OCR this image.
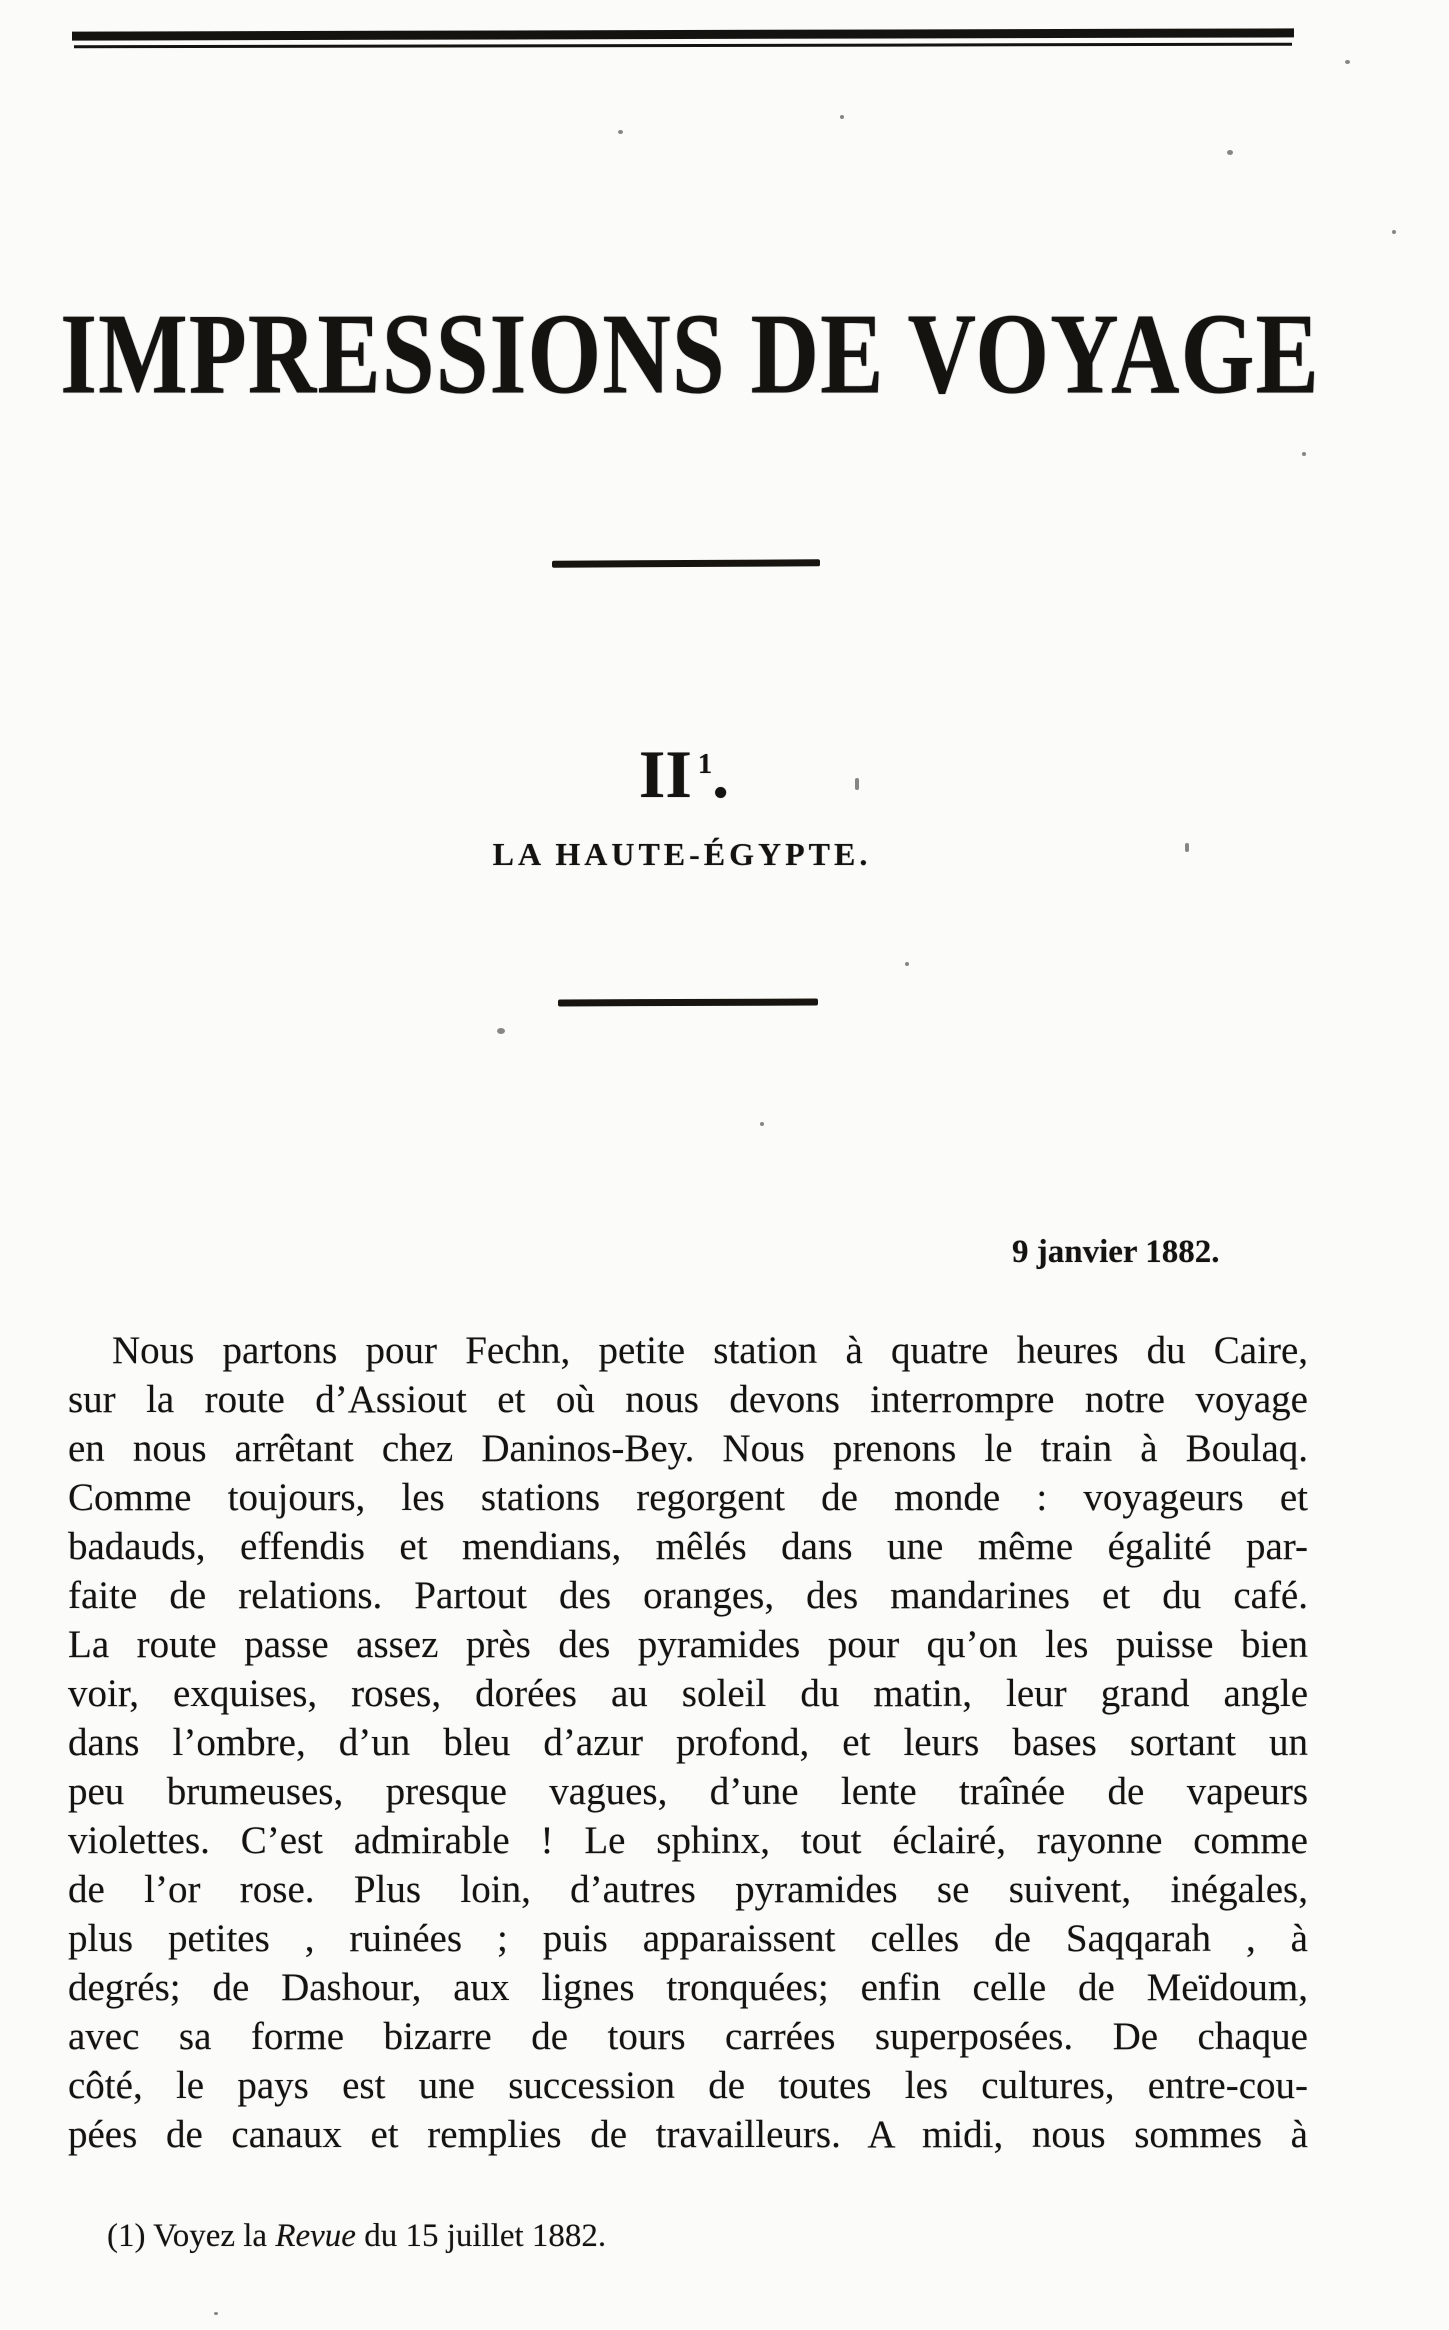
IMPRESSIONS DE VOYAGE
II $^1$.
LA HAUTE-ÉGYPTE.
9 janvier 1882.
Nous partons pour Fechn, petite station à quatre heures du Caire,
sur la route d’Assiout et où nous devons interrompre notre voyage
en nous arrêtant chez Daninos-Bey. Nous prenons le train à Boulaq.
Comme toujours, les stations regorgent de monde : voyageurs et
badauds, effendis et mendians, mêlés dans une même égalité par-
faite de relations. Partout des oranges, des mandarines et du café.
La route passe assez près des pyramides pour qu’on les puisse bien
voir, exquises, roses, dorées au soleil du matin, leur grand angle
dans l’ombre, d’un bleu d’azur profond, et leurs bases sortant un
peu brumeuses, presque vagues, d’une lente traînée de vapeurs
violettes. C’est admirable ! Le sphinx, tout éclairé, rayonne comme
de l’or rose. Plus loin, d’autres pyramides se suivent, inégales,
plus petites , ruinées ; puis apparaissent celles de Saqqarah , à
degrés; de Dashour, aux lignes tronquées; enfin celle de Meïdoum,
avec sa forme bizarre de tours carrées superposées. De chaque
côté, le pays est une succession de toutes les cultures, entre-cou-
pées de canaux et remplies de travailleurs. A midi, nous sommes à
(1) Voyez la Revue du 15 juillet 1882.
